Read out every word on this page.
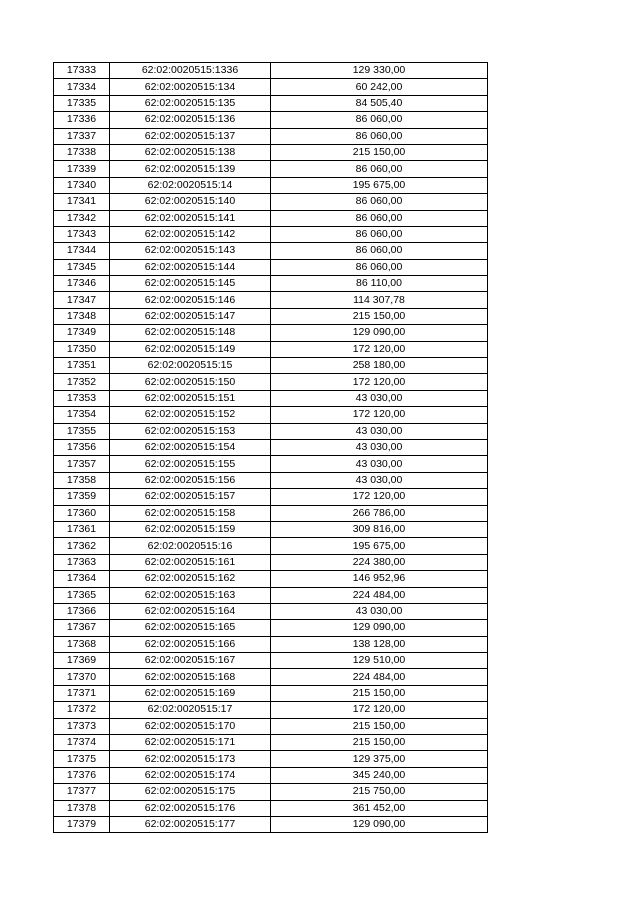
17333	62:02:0020515:1336	129 330,00
17334	62:02:0020515:134	60 242,00
17335	62:02:0020515:135	84 505,40
17336	62:02:0020515:136	86 060,00
17337	62:02:0020515:137	86 060,00
17338	62:02:0020515:138	215 150,00
17339	62:02:0020515:139	86 060,00
17340	62:02:0020515:14	195 675,00
17341	62:02:0020515:140	86 060,00
17342	62:02:0020515:141	86 060,00
17343	62:02:0020515:142	86 060,00
17344	62:02:0020515:143	86 060,00
17345	62:02:0020515:144	86 060,00
17346	62:02:0020515:145	86 110,00
17347	62:02:0020515:146	114 307,78
17348	62:02:0020515:147	215 150,00
17349	62:02:0020515:148	129 090,00
17350	62:02:0020515:149	172 120,00
17351	62:02:0020515:15	258 180,00
17352	62:02:0020515:150	172 120,00
17353	62:02:0020515:151	43 030,00
17354	62:02:0020515:152	172 120,00
17355	62:02:0020515:153	43 030,00
17356	62:02:0020515:154	43 030,00
17357	62:02:0020515:155	43 030,00
17358	62:02:0020515:156	43 030,00
17359	62:02:0020515:157	172 120,00
17360	62:02:0020515:158	266 786,00
17361	62:02:0020515:159	309 816,00
17362	62:02:0020515:16	195 675,00
17363	62:02:0020515:161	224 380,00
17364	62:02:0020515:162	146 952,96
17365	62:02:0020515:163	224 484,00
17366	62:02:0020515:164	43 030,00
17367	62:02:0020515:165	129 090,00
17368	62:02:0020515:166	138 128,00
17369	62:02:0020515:167	129 510,00
17370	62:02:0020515:168	224 484,00
17371	62:02:0020515:169	215 150,00
17372	62:02:0020515:17	172 120,00
17373	62:02:0020515:170	215 150,00
17374	62:02:0020515:171	215 150,00
17375	62:02:0020515:173	129 375,00
17376	62:02:0020515:174	345 240,00
17377	62:02:0020515:175	215 750,00
17378	62:02:0020515:176	361 452,00
17379	62:02:0020515:177	129 090,00
